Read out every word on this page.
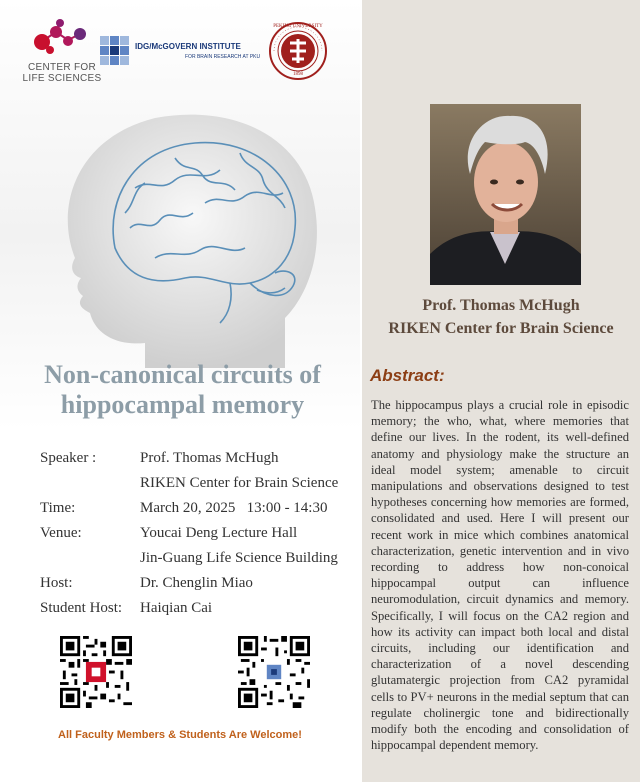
CENTER FOR
LIFE SCIENCES
IDG/McGOVERN INSTITUTE
FOR BRAIN RESEARCH AT PKU
PEKING UNIVERSITY
1898
Non-canonical circuits of
hippocampal memory
Speaker :	Prof. Thomas McHugh
RIKEN Center for Brain Science
Time:	March 20, 2025   13:00 - 14:30
Venue:	Youcai Deng Lecture Hall
Jin-Guang Life Science Building
Host:	Dr. Chenglin Miao
Student Host: Haiqian Cai
All Faculty Members & Students Are Welcome!
Prof. Thomas McHugh
RIKEN Center for Brain Science
Abstract:
The hippocampus plays a crucial role in episodic memory; the who, what, where memories that define our lives. In the rodent, its well-defined anatomy and physiology make the structure an ideal model system; amenable to circuit manipulations and observations designed to test hypotheses concerning how memories are formed, consolidated and used. Here I will present our recent work in mice which combines anatomical characterization, genetic intervention and in vivo recording to address how non-conoical hippocampal output can influence neuromodulation, circuit dynamics and memory. Specifically, I will focus on the CA2 region and how its activity can impact both local and distal circuits, including our identification and characterization of a novel descending glutamatergic projection from CA2 pyramidal cells to PV+ neurons in the medial septum that can regulate cholinergic tone and bidirectionally modify both the encoding and consolidation of hippocampal dependent memory.
